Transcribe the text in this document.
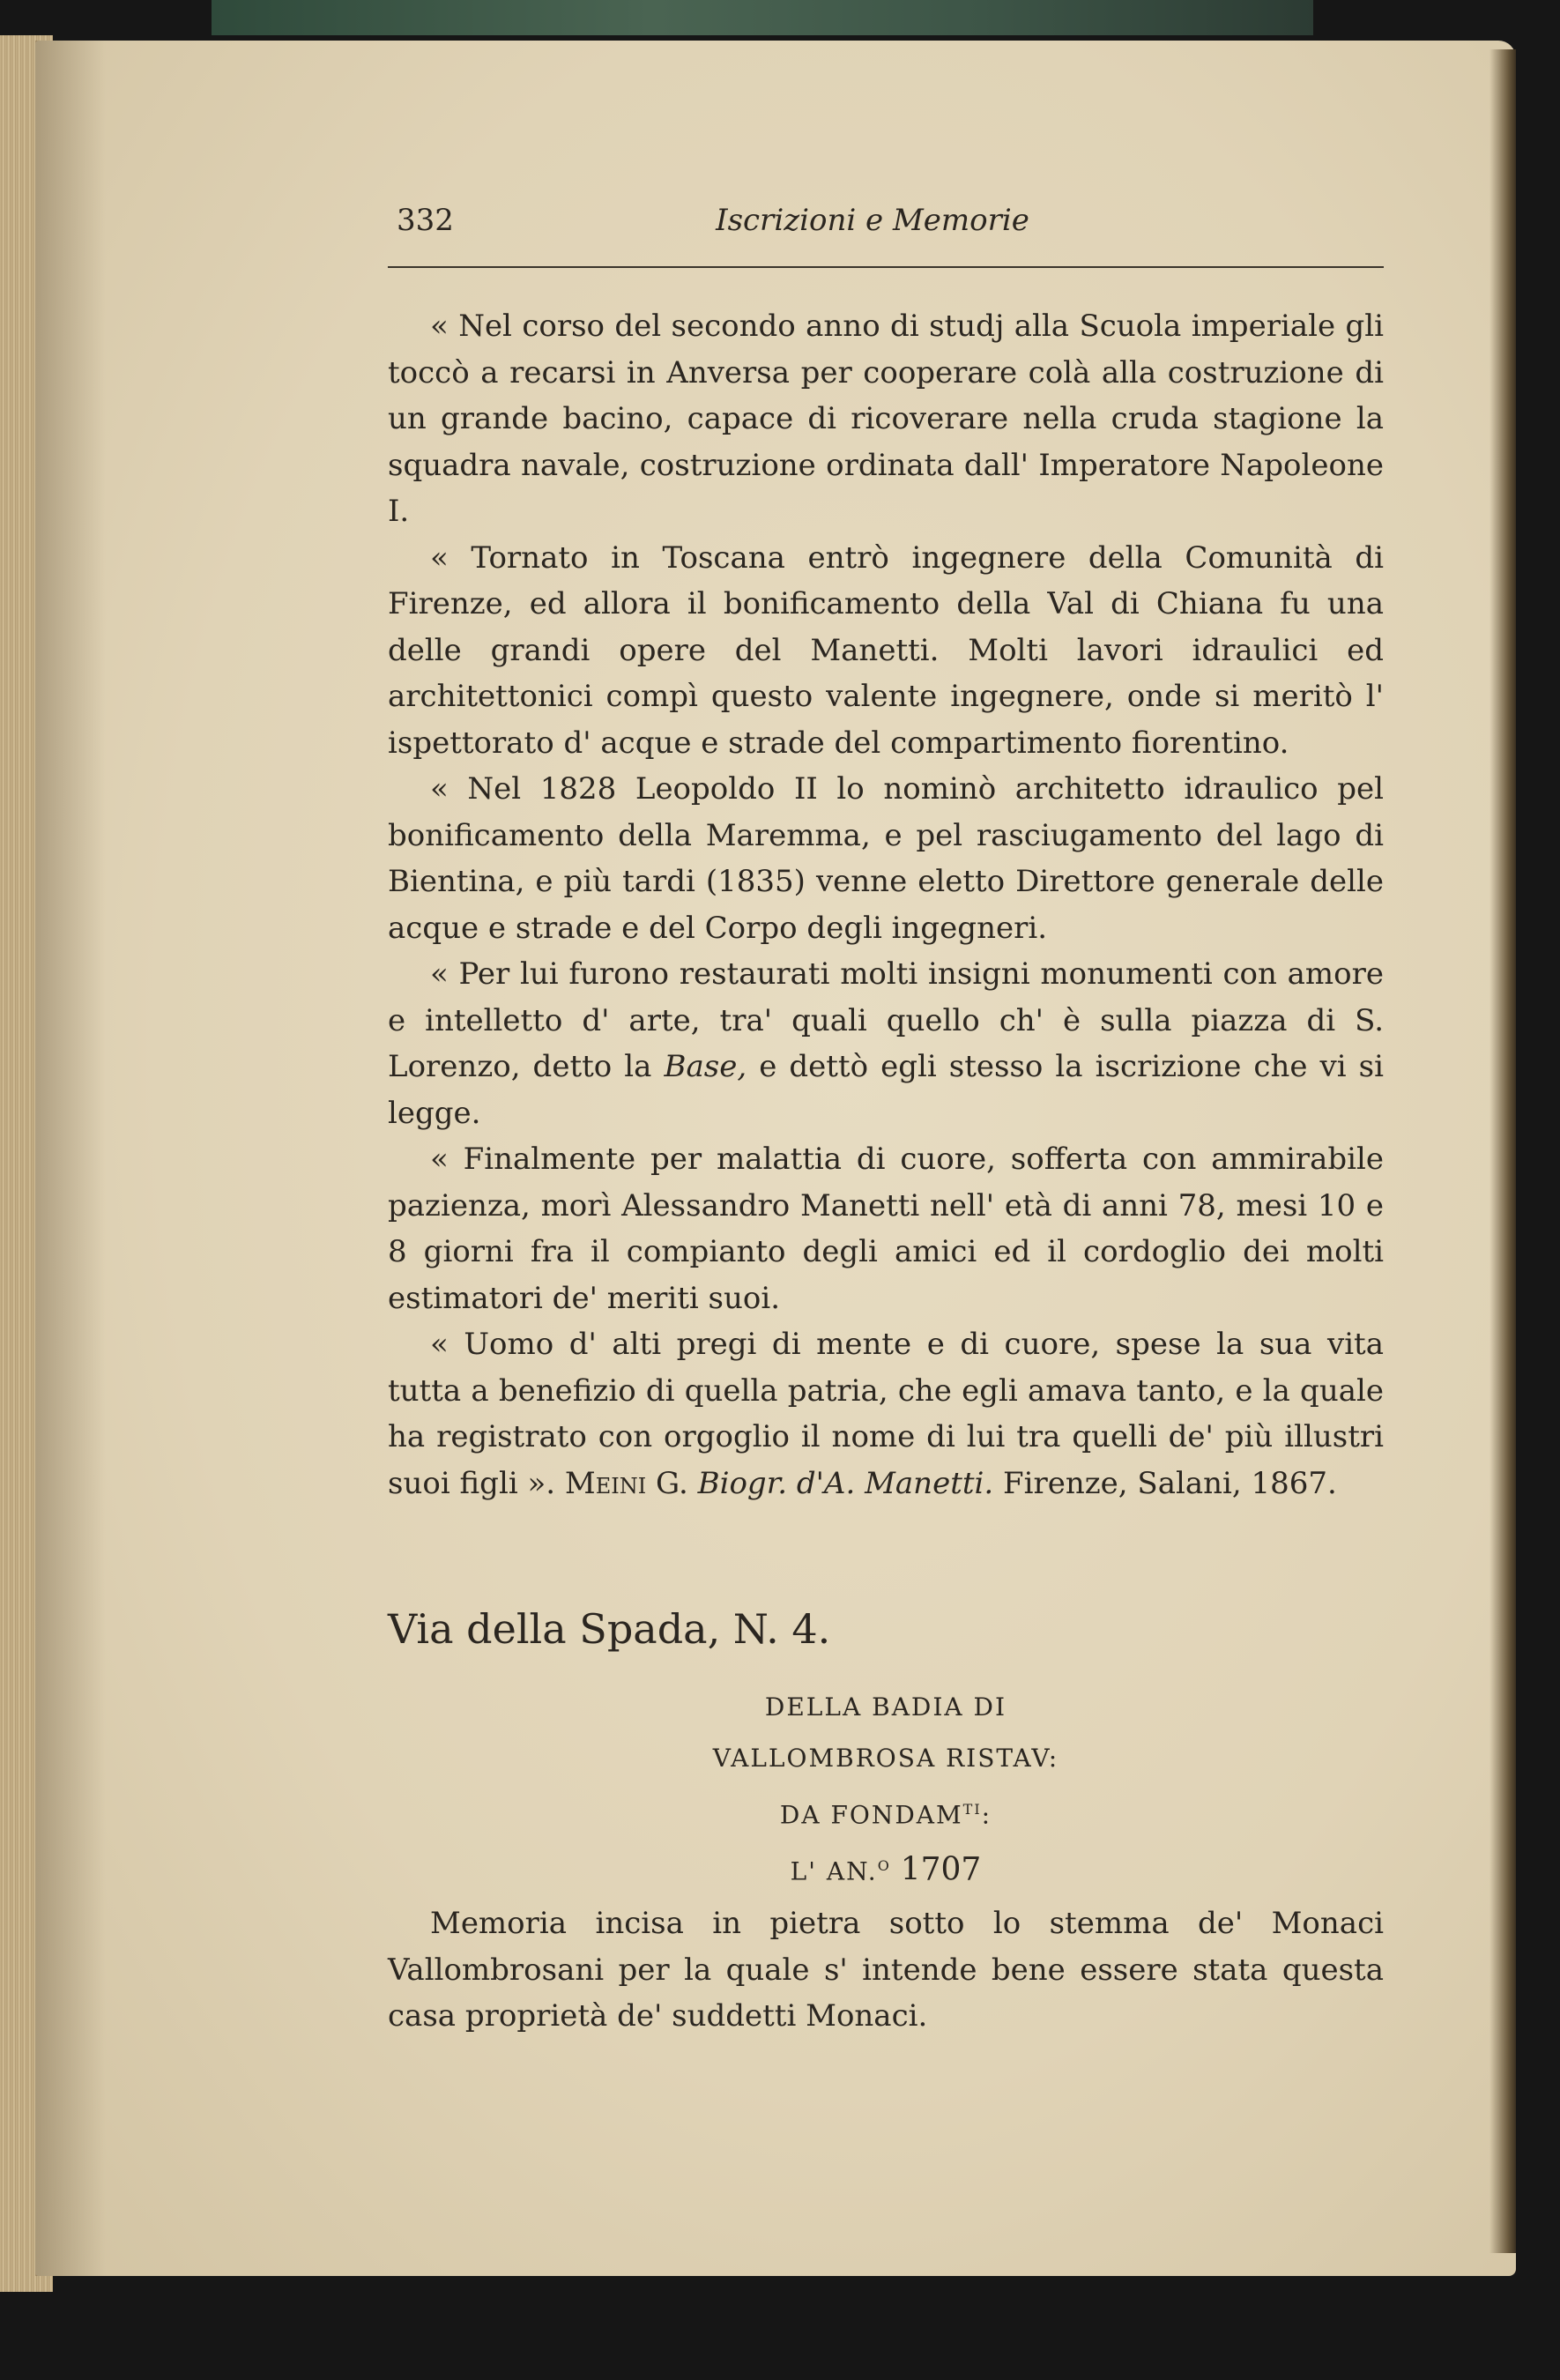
332	Iscrizioni e Memorie

« Nel corso del secondo anno di studj alla Scuola imperiale gli toccò a recarsi in Anversa per cooperare colà alla costruzione di un grande bacino, capace di ricoverare nella cruda stagione la squadra navale, costruzione ordinata dall' Imperatore Napoleone I.

« Tornato in Toscana entrò ingegnere della Comunità di Firenze, ed allora il bonificamento della Val di Chiana fu una delle grandi opere del Manetti. Molti lavori idraulici ed architettonici compì questo valente ingegnere, onde si meritò l' ispettorato d' acque e strade del compartimento fiorentino.

« Nel 1828 Leopoldo II lo nominò architetto idraulico pel bonificamento della Maremma, e pel rasciugamento del lago di Bientina, e più tardi (1835) venne eletto Direttore generale delle acque e strade e del Corpo degli ingegneri.

« Per lui furono restaurati molti insigni monumenti con amore e intelletto d' arte, tra' quali quello ch' è sulla piazza di S. Lorenzo, detto la Base, e dettò egli stesso la iscrizione che vi si legge.

« Finalmente per malattia di cuore, sofferta con ammirabile pazienza, morì Alessandro Manetti nell' età di anni 78, mesi 10 e 8 giorni fra il compianto degli amici ed il cordoglio dei molti estimatori de' meriti suoi.

« Uomo d' alti pregi di mente e di cuore, spese la sua vita tutta a benefizio di quella patria, che egli amava tanto, e la quale ha registrato con orgoglio il nome di lui tra quelli de' più illustri suoi figli ». Meini G. Biogr. d'A. Manetti. Firenze, Salani, 1867.

Via della Spada, N. 4.
DELLA BADIA DI
VALLOMBROSA RISTAV:
DA $FONDAM^{TI}$:
L' AN.$^O$ 1707

Memoria incisa in pietra sotto lo stemma de' Monaci Vallombrosani per la quale s' intende bene essere stata questa casa proprietà de' suddetti Monaci.
